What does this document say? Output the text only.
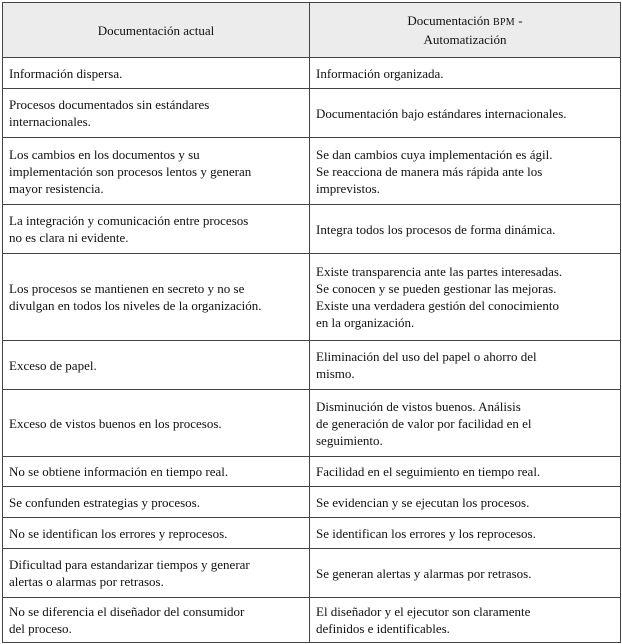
Documentación actual	Documentación BPM -
Automatización

Información dispersa.	Información organizada.

Procesos documentados sin estándares
internacionales.	Documentación bajo estándares internacionales.

Los cambios en los documentos y su
implementación son procesos lentos y generan
mayor resistencia.	Se dan cambios cuya implementación es ágil.
Se reacciona de manera más rápida ante los
imprevistos.

La integración y comunicación entre procesos
no es clara ni evidente.	Integra todos los procesos de forma dinámica.

Los procesos se mantienen en secreto y no se
divulgan en todos los niveles de la organización.	Existe transparencia ante las partes interesadas.
Se conocen y se pueden gestionar las mejoras.
Existe una verdadera gestión del conocimiento
en la organización.

Exceso de papel.	Eliminación del uso del papel o ahorro del
mismo.

Exceso de vistos buenos en los procesos.	Disminución de vistos buenos. Análisis
de generación de valor por facilidad en el
seguimiento.

No se obtiene información en tiempo real.	Facilidad en el seguimiento en tiempo real.

Se confunden estrategias y procesos.	Se evidencian y se ejecutan los procesos.

No se identifican los errores y reprocesos.	Se identifican los errores y los reprocesos.

Dificultad para estandarizar tiempos y generar
alertas o alarmas por retrasos.	Se generan alertas y alarmas por retrasos.

No se diferencia el diseñador del consumidor
del proceso.	El diseñador y el ejecutor son claramente
definidos e identificables.
